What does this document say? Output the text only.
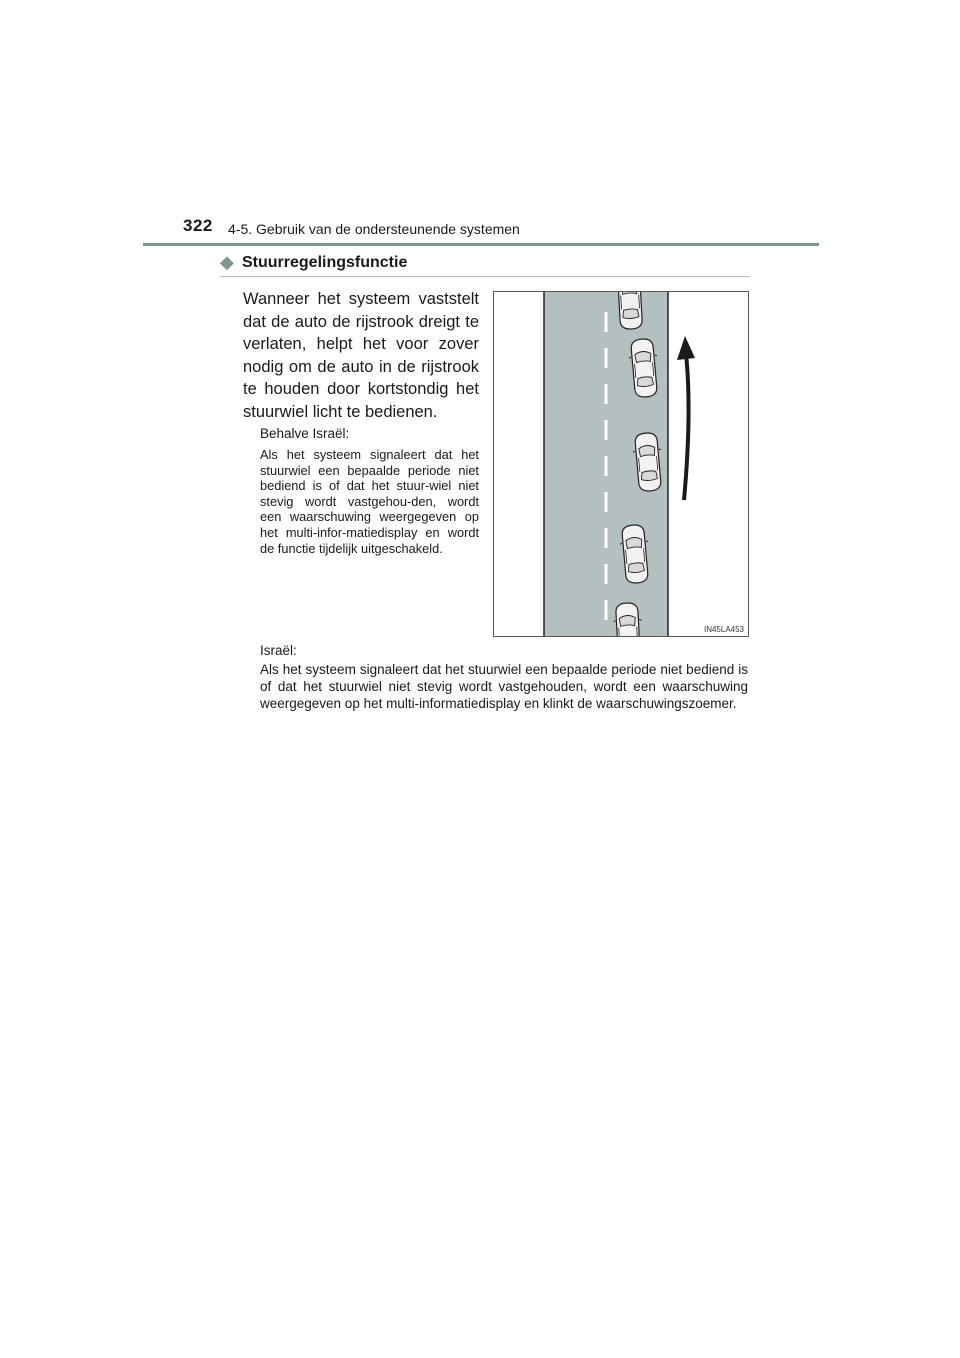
322 4-5. Gebruik van de ondersteunende systemen
◆ Stuurregelingsfunctie
Wanneer het systeem vaststelt dat de auto de rijstrook dreigt te verlaten, helpt het voor zover nodig om de auto in de rijstrook te houden door kortstondig het stuurwiel licht te bedienen.
Behalve Israël:
Als het systeem signaleert dat het stuurwiel een bepaalde periode niet bediend is of dat het stuur-wiel niet stevig wordt vastgehou-den, wordt een waarschuwing weergegeven op het multi-infor-matiedisplay en wordt de functie tijdelijk uitgeschakeld.
IN45LA453
Israël:
Als het systeem signaleert dat het stuurwiel een bepaalde periode niet bediend is of dat het stuurwiel niet stevig wordt vastgehouden, wordt een waarschuwing weergegeven op het multi-informatiedisplay en klinkt de waarschuwingszoemer.
